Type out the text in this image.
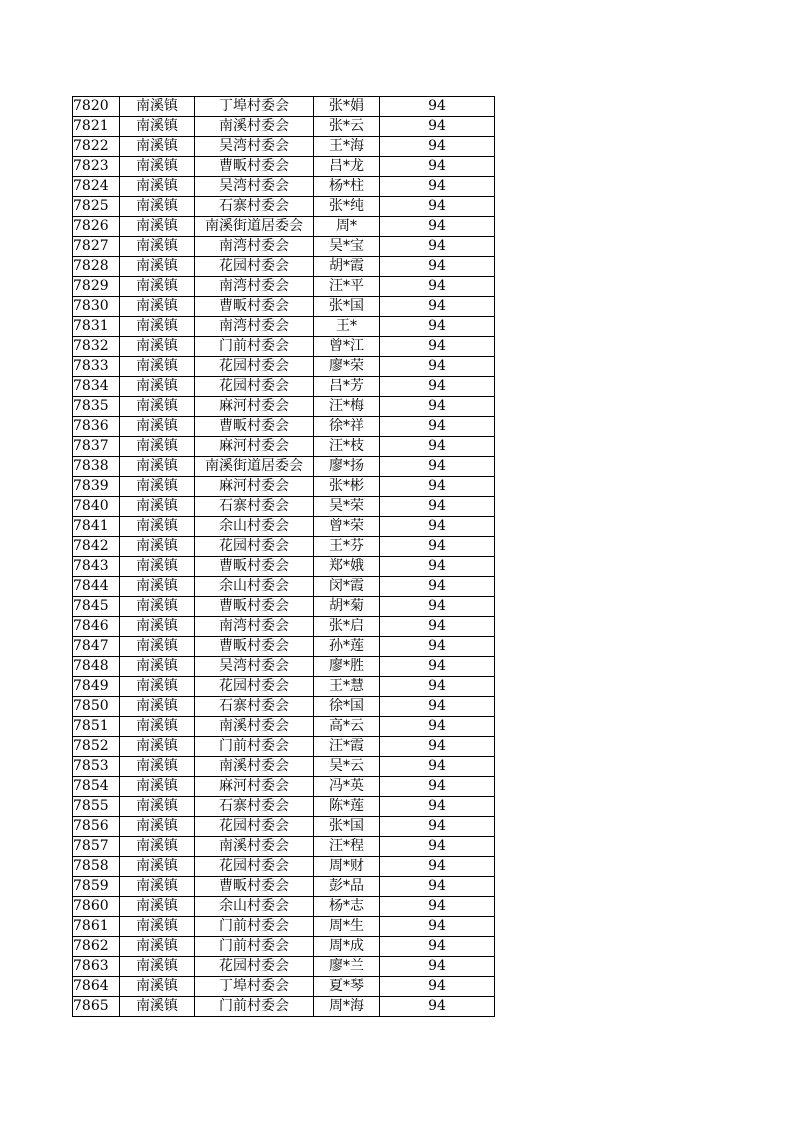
7820	南溪镇	丁埠村委会	张*娟	94
7821	南溪镇	南溪村委会	张*云	94
7822	南溪镇	吴湾村委会	王*海	94
7823	南溪镇	曹畈村委会	吕*龙	94
7824	南溪镇	吴湾村委会	杨*柱	94
7825	南溪镇	石寨村委会	张*纯	94
7826	南溪镇	南溪街道居委会	周*	94
7827	南溪镇	南湾村委会	吴*宝	94
7828	南溪镇	花园村委会	胡*霞	94
7829	南溪镇	南湾村委会	汪*平	94
7830	南溪镇	曹畈村委会	张*国	94
7831	南溪镇	南湾村委会	王*	94
7832	南溪镇	门前村委会	曾*江	94
7833	南溪镇	花园村委会	廖*荣	94
7834	南溪镇	花园村委会	吕*芳	94
7835	南溪镇	麻河村委会	汪*梅	94
7836	南溪镇	曹畈村委会	徐*祥	94
7837	南溪镇	麻河村委会	汪*枝	94
7838	南溪镇	南溪街道居委会	廖*扬	94
7839	南溪镇	麻河村委会	张*彬	94
7840	南溪镇	石寨村委会	吴*荣	94
7841	南溪镇	余山村委会	曾*荣	94
7842	南溪镇	花园村委会	王*芬	94
7843	南溪镇	曹畈村委会	郑*娥	94
7844	南溪镇	余山村委会	闵*霞	94
7845	南溪镇	曹畈村委会	胡*菊	94
7846	南溪镇	南湾村委会	张*启	94
7847	南溪镇	曹畈村委会	孙*莲	94
7848	南溪镇	吴湾村委会	廖*胜	94
7849	南溪镇	花园村委会	王*慧	94
7850	南溪镇	石寨村委会	徐*国	94
7851	南溪镇	南溪村委会	高*云	94
7852	南溪镇	门前村委会	汪*霞	94
7853	南溪镇	南溪村委会	吴*云	94
7854	南溪镇	麻河村委会	冯*英	94
7855	南溪镇	石寨村委会	陈*莲	94
7856	南溪镇	花园村委会	张*国	94
7857	南溪镇	南溪村委会	汪*程	94
7858	南溪镇	花园村委会	周*财	94
7859	南溪镇	曹畈村委会	彭*品	94
7860	南溪镇	余山村委会	杨*志	94
7861	南溪镇	门前村委会	周*生	94
7862	南溪镇	门前村委会	周*成	94
7863	南溪镇	花园村委会	廖*兰	94
7864	南溪镇	丁埠村委会	夏*琴	94
7865	南溪镇	门前村委会	周*海	94
